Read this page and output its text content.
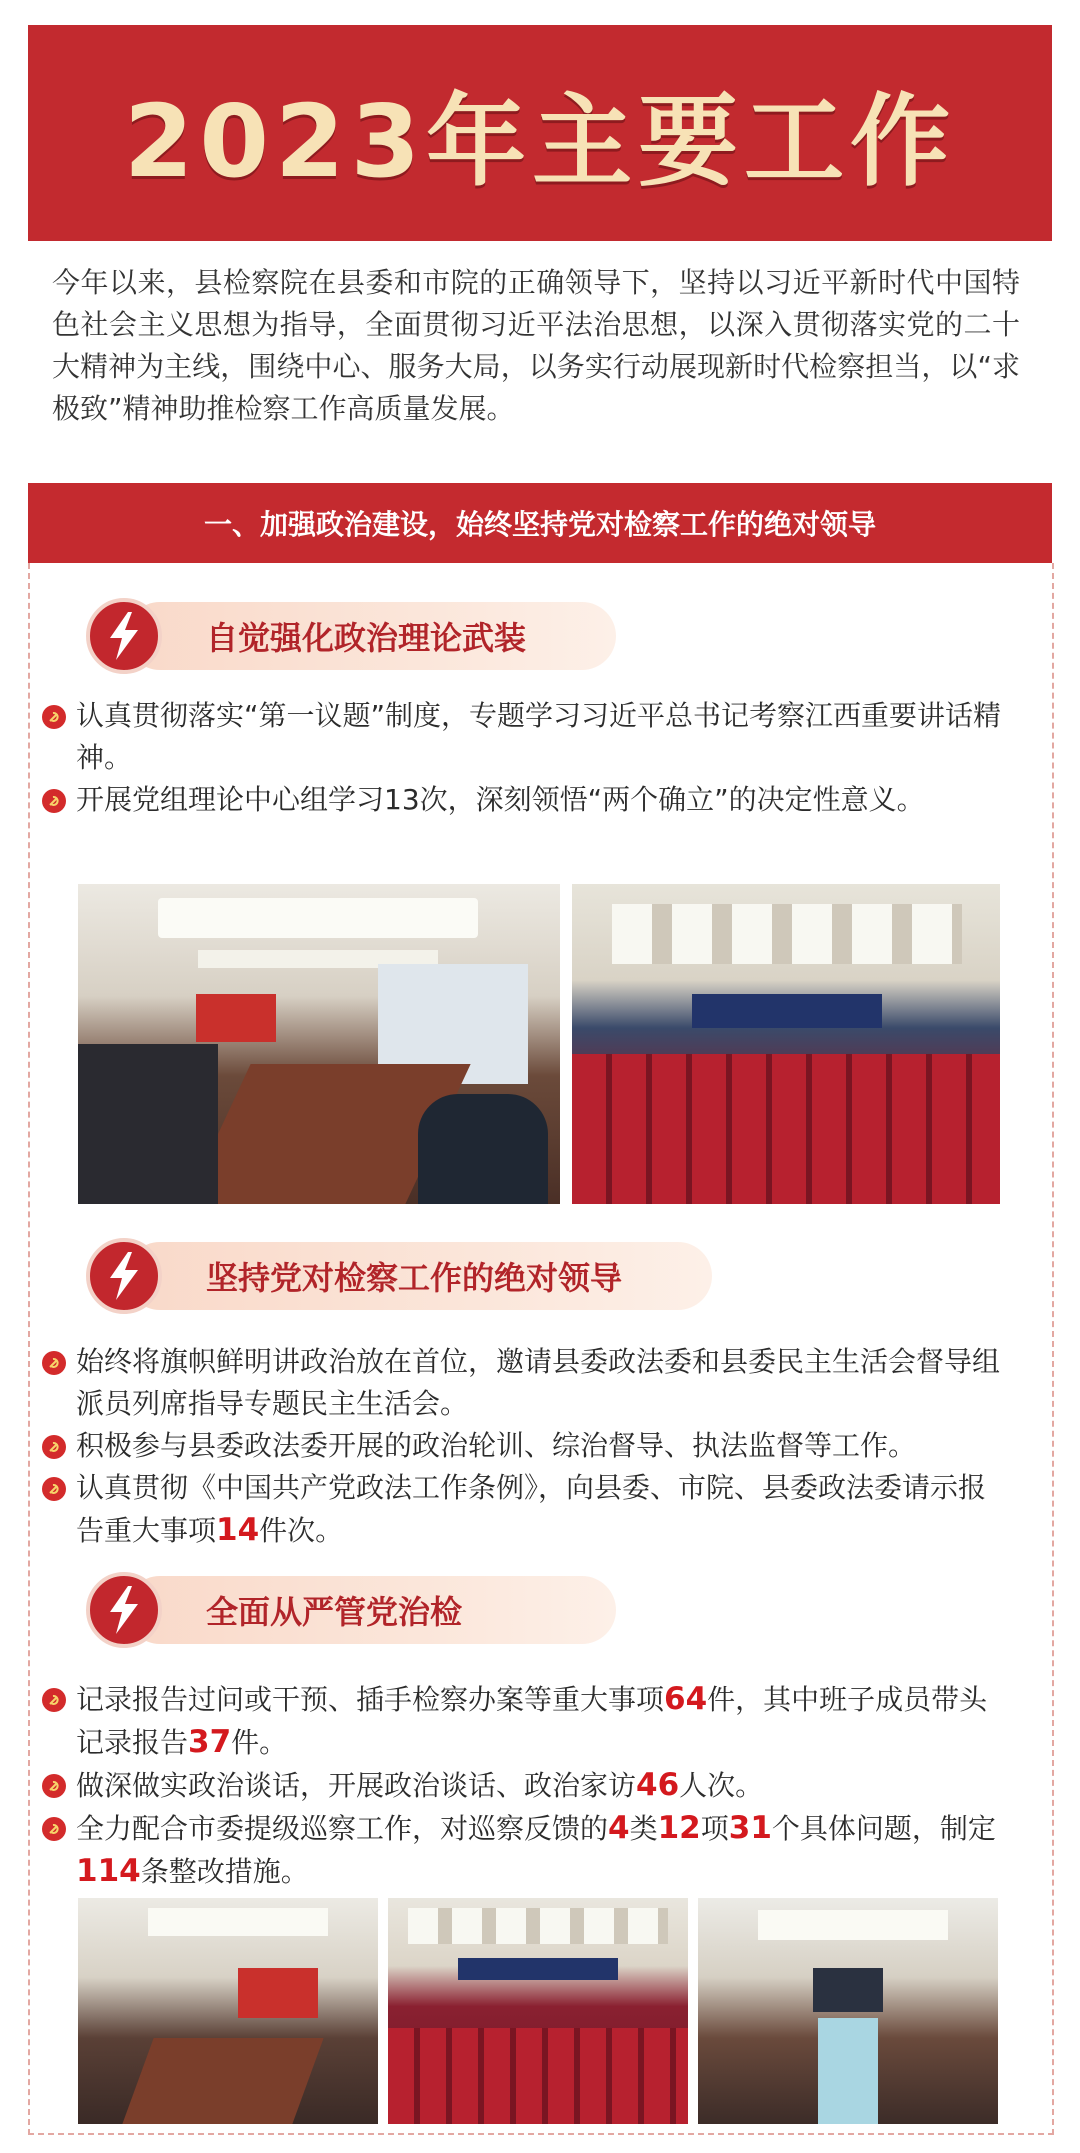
2023年主要工作
今年以来，县检察院在县委和市院的正确领导下，坚持以习近平新时代中国特色社会主义思想为指导，全面贯彻习近平法治思想，以深入贯彻落实党的二十大精神为主线，围绕中心、服务大局，以务实行动展现新时代检察担当，以“求极致”精神助推检察工作高质量发展。
一、加强政治建设，始终坚持党对检察工作的绝对领导
自觉强化政治理论武装
认真贯彻落实“第一议题”制度，专题学习习近平总书记考察江西重要讲话精神。
开展党组理论中心组学习13次，深刻领悟“两个确立”的决定性意义。
坚持党对检察工作的绝对领导
始终将旗帜鲜明讲政治放在首位，邀请县委政法委和县委民主生活会督导组派员列席指导专题民主生活会。
积极参与县委政法委开展的政治轮训、综治督导、执法监督等工作。
认真贯彻《中国共产党政法工作条例》，向县委、市院、县委政法委请示报告重大事项14件次。
全面从严管党治检
记录报告过问或干预、插手检察办案等重大事项64件，其中班子成员带头记录报告37件。
做深做实政治谈话，开展政治谈话、政治家访46人次。
全力配合市委提级巡察工作，对巡察反馈的4类12项31个具体问题，制定114条整改措施。
